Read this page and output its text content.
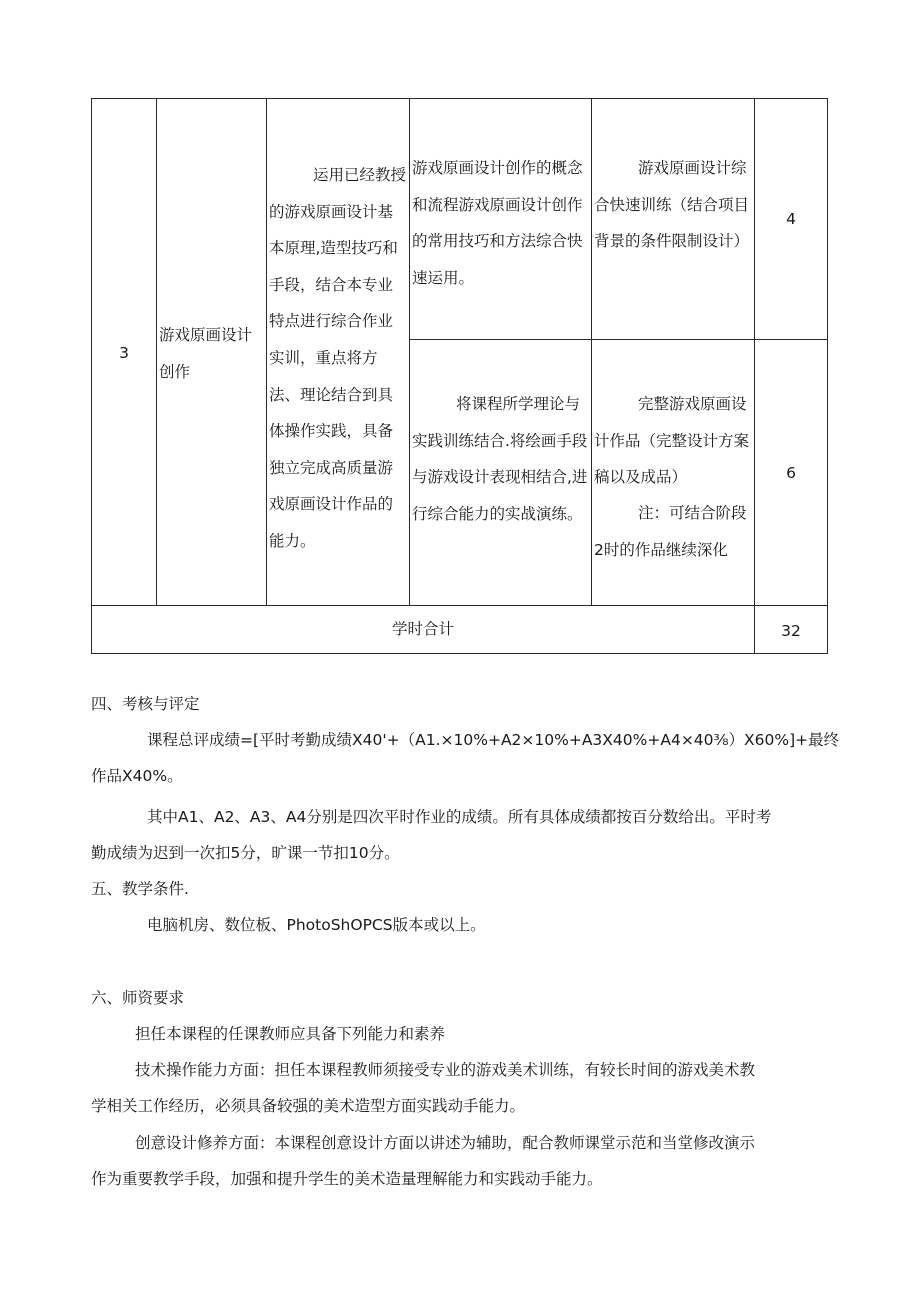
3
游戏原画设计创作
运用已经教授的游戏原画设计基本原理,造型技巧和手段，结合本专业特点进行综合作业实训，重点将方法、理论结合到具体操作实践，具备独立完成高质量游戏原画设计作品的能力。
游戏原画设计创作的概念和流程游戏原画设计创作的常用技巧和方法综合快速运用。
游戏原画设计综合快速训练（结合项目背景的条件限制设计）
4
将课程所学理论与实践训练结合.将绘画手段与游戏设计表现相结合,进行综合能力的实战演练。
完整游戏原画设计作品（完整设计方案稿以及成品）
注：可结合阶段2时的作品继续深化
6
学时合计	32
四、考核与评定
课程总评成绩=[平时考勤成绩X40'+（A1.×10%+A2×10%+A3X40%+A4×40⅜）X60%]+最终
作品X40%。
其中A1、A2、A3、A4分别是四次平时作业的成绩。所有具体成绩都按百分数给出。平时考
勤成绩为迟到一次扣5分，旷课一节扣10分。
五、教学条件.
电脑机房、数位板、PhotoShOPCS版本或以上。
六、师资要求
担任本课程的任课教师应具备下列能力和素养
技术操作能力方面：担任本课程教师须接受专业的游戏美术训练，有较长时间的游戏美术教
学相关工作经历，必须具备较强的美术造型方面实践动手能力。
创意设计修养方面：本课程创意设计方面以讲述为辅助，配合教师课堂示范和当堂修改演示
作为重要教学手段，加强和提升学生的美术造量理解能力和实践动手能力。
